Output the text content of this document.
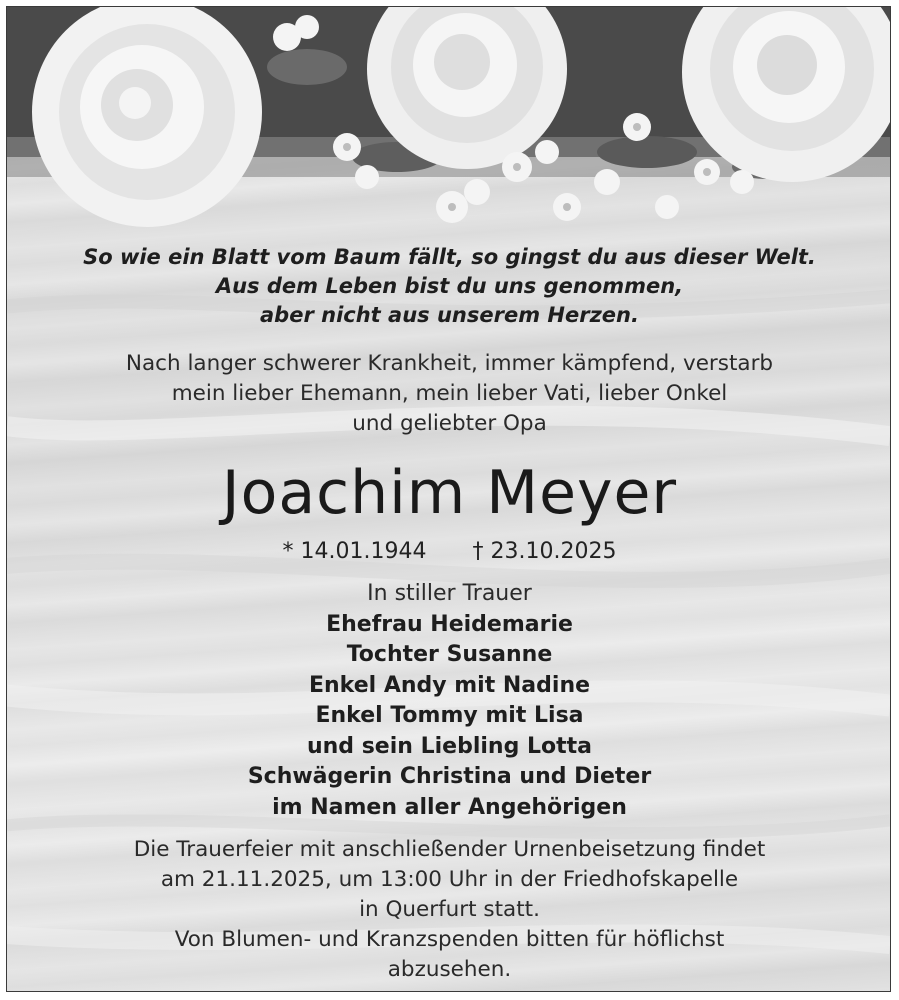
So wie ein Blatt vom Baum fällt, so gingst du aus dieser Welt.
Aus dem Leben bist du uns genommen,
aber nicht aus unserem Herzen.
Nach langer schwerer Krankheit, immer kämpfend, verstarb
mein lieber Ehemann, mein lieber Vati, lieber Onkel
und geliebter Opa
Joachim Meyer
* 14.01.1944 † 23.10.2025
In stiller Trauer
Ehefrau Heidemarie
Tochter Susanne
Enkel Andy mit Nadine
Enkel Tommy mit Lisa
und sein Liebling Lotta
Schwägerin Christina und Dieter
im Namen aller Angehörigen
Die Trauerfeier mit anschließender Urnenbeisetzung findet
am 21.11.2025, um 13:00 Uhr in der Friedhofskapelle
in Querfurt statt.
Von Blumen- und Kranzspenden bitten für höflichst
abzusehen.
